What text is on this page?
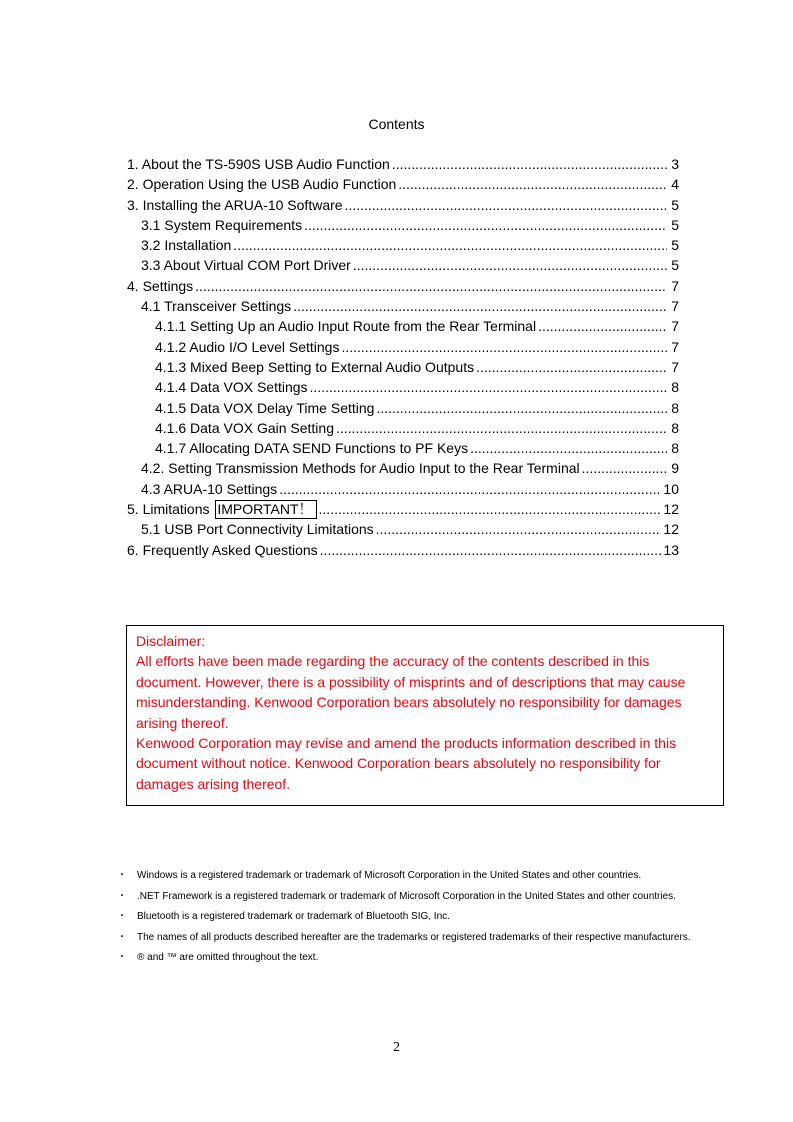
Contents
1. About the TS-590S USB Audio Function .....	3
2. Operation Using the USB Audio Function .....	4
3. Installing the ARUA-10 Software .....	5
3.1 System Requirements .....	5
3.2 Installation .....	5
3.3 About Virtual COM Port Driver .....	5
4. Settings .....	7
4.1 Transceiver Settings .....	7
4.1.1 Setting Up an Audio Input Route from the Rear Terminal .....	7
4.1.2 Audio I/O Level Settings .....	7
4.1.3 Mixed Beep Setting to External Audio Outputs .....	7
4.1.4 Data VOX Settings .....	8
4.1.5 Data VOX Delay Time Setting .....	8
4.1.6 Data VOX Gain Setting .....	8
4.1.7 Allocating DATA SEND Functions to PF Keys .....	8
4.2. Setting Transmission Methods for Audio Input to the Rear Terminal .....	9
4.3 ARUA-10 Settings .....	10
5. Limitations IMPORTANT！ .....	12
5.1 USB Port Connectivity Limitations .....	12
6. Frequently Asked Questions .....	13

Disclaimer:

All efforts have been made regarding the accuracy of the contents described in this document. However, there is a possibility of misprints and of descriptions that may cause misunderstanding. Kenwood Corporation bears absolutely no responsibility for damages arising thereof.

Kenwood Corporation may revise and amend the products information described in this document without notice. Kenwood Corporation bears absolutely no responsibility for damages arising thereof.

・	Windows is a registered trademark or trademark of Microsoft Corporation in the United States and other countries.
・	.NET Framework is a registered trademark or trademark of Microsoft Corporation in the United States and other countries.
・	Bluetooth is a registered trademark or trademark of Bluetooth SIG, Inc.
・	The names of all products described hereafter are the trademarks or registered trademarks of their respective manufacturers.
・	® and ™ are omitted throughout the text.
2
